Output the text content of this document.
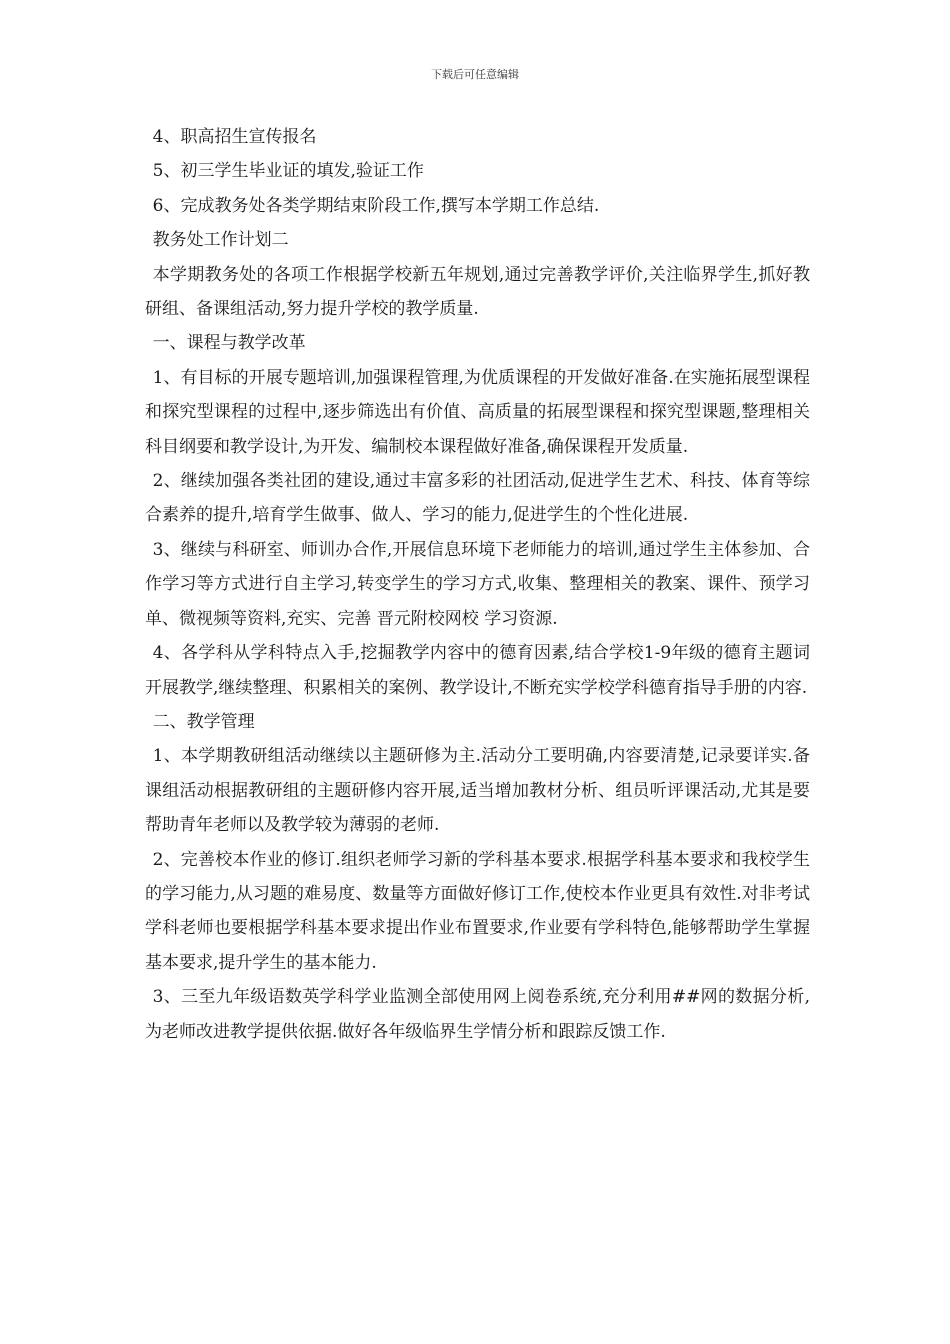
下载后可任意编辑

4、职高招生宣传报名

5、初三学生毕业证的填发,验证工作

6、完成教务处各类学期结束阶段工作,撰写本学期工作总结.

教务处工作计划二

本学期教务处的各项工作根据学校新五年规划,通过完善教学评价,关注临界学生,抓好教研组、备课组活动,努力提升学校的教学质量.

一、课程与教学改革

1、有目标的开展专题培训,加强课程管理,为优质课程的开发做好准备.在实施拓展型课程和探究型课程的过程中,逐步筛选出有价值、高质量的拓展型课程和探究型课题,整理相关科目纲要和教学设计,为开发、编制校本课程做好准备,确保课程开发质量.

2、继续加强各类社团的建设,通过丰富多彩的社团活动,促进学生艺术、科技、体育等综合素养的提升,培育学生做事、做人、学习的能力,促进学生的个性化进展.

3、继续与科研室、师训办合作,开展信息环境下老师能力的培训,通过学生主体参加、合作学习等方式进行自主学习,转变学生的学习方式,收集、整理相关的教案、课件、预学习单、微视频等资料,充实、完善 晋元附校网校 学习资源.

4、各学科从学科特点入手,挖掘教学内容中的德育因素,结合学校1-9年级的德育主题词开展教学,继续整理、积累相关的案例、教学设计,不断充实学校学科德育指导手册的内容.

二、教学管理

1、本学期教研组活动继续以主题研修为主.活动分工要明确,内容要清楚,记录要详实.备课组活动根据教研组的主题研修内容开展,适当增加教材分析、组员听评课活动,尤其是要帮助青年老师以及教学较为薄弱的老师.

2、完善校本作业的修订.组织老师学习新的学科基本要求.根据学科基本要求和我校学生的学习能力,从习题的难易度、数量等方面做好修订工作,使校本作业更具有效性.对非考试学科老师也要根据学科基本要求提出作业布置要求,作业要有学科特色,能够帮助学生掌握基本要求,提升学生的基本能力.

3、三至九年级语数英学科学业监测全部使用网上阅卷系统,充分利用##网的数据分析,为老师改进教学提供依据.做好各年级临界生学情分析和跟踪反馈工作.
